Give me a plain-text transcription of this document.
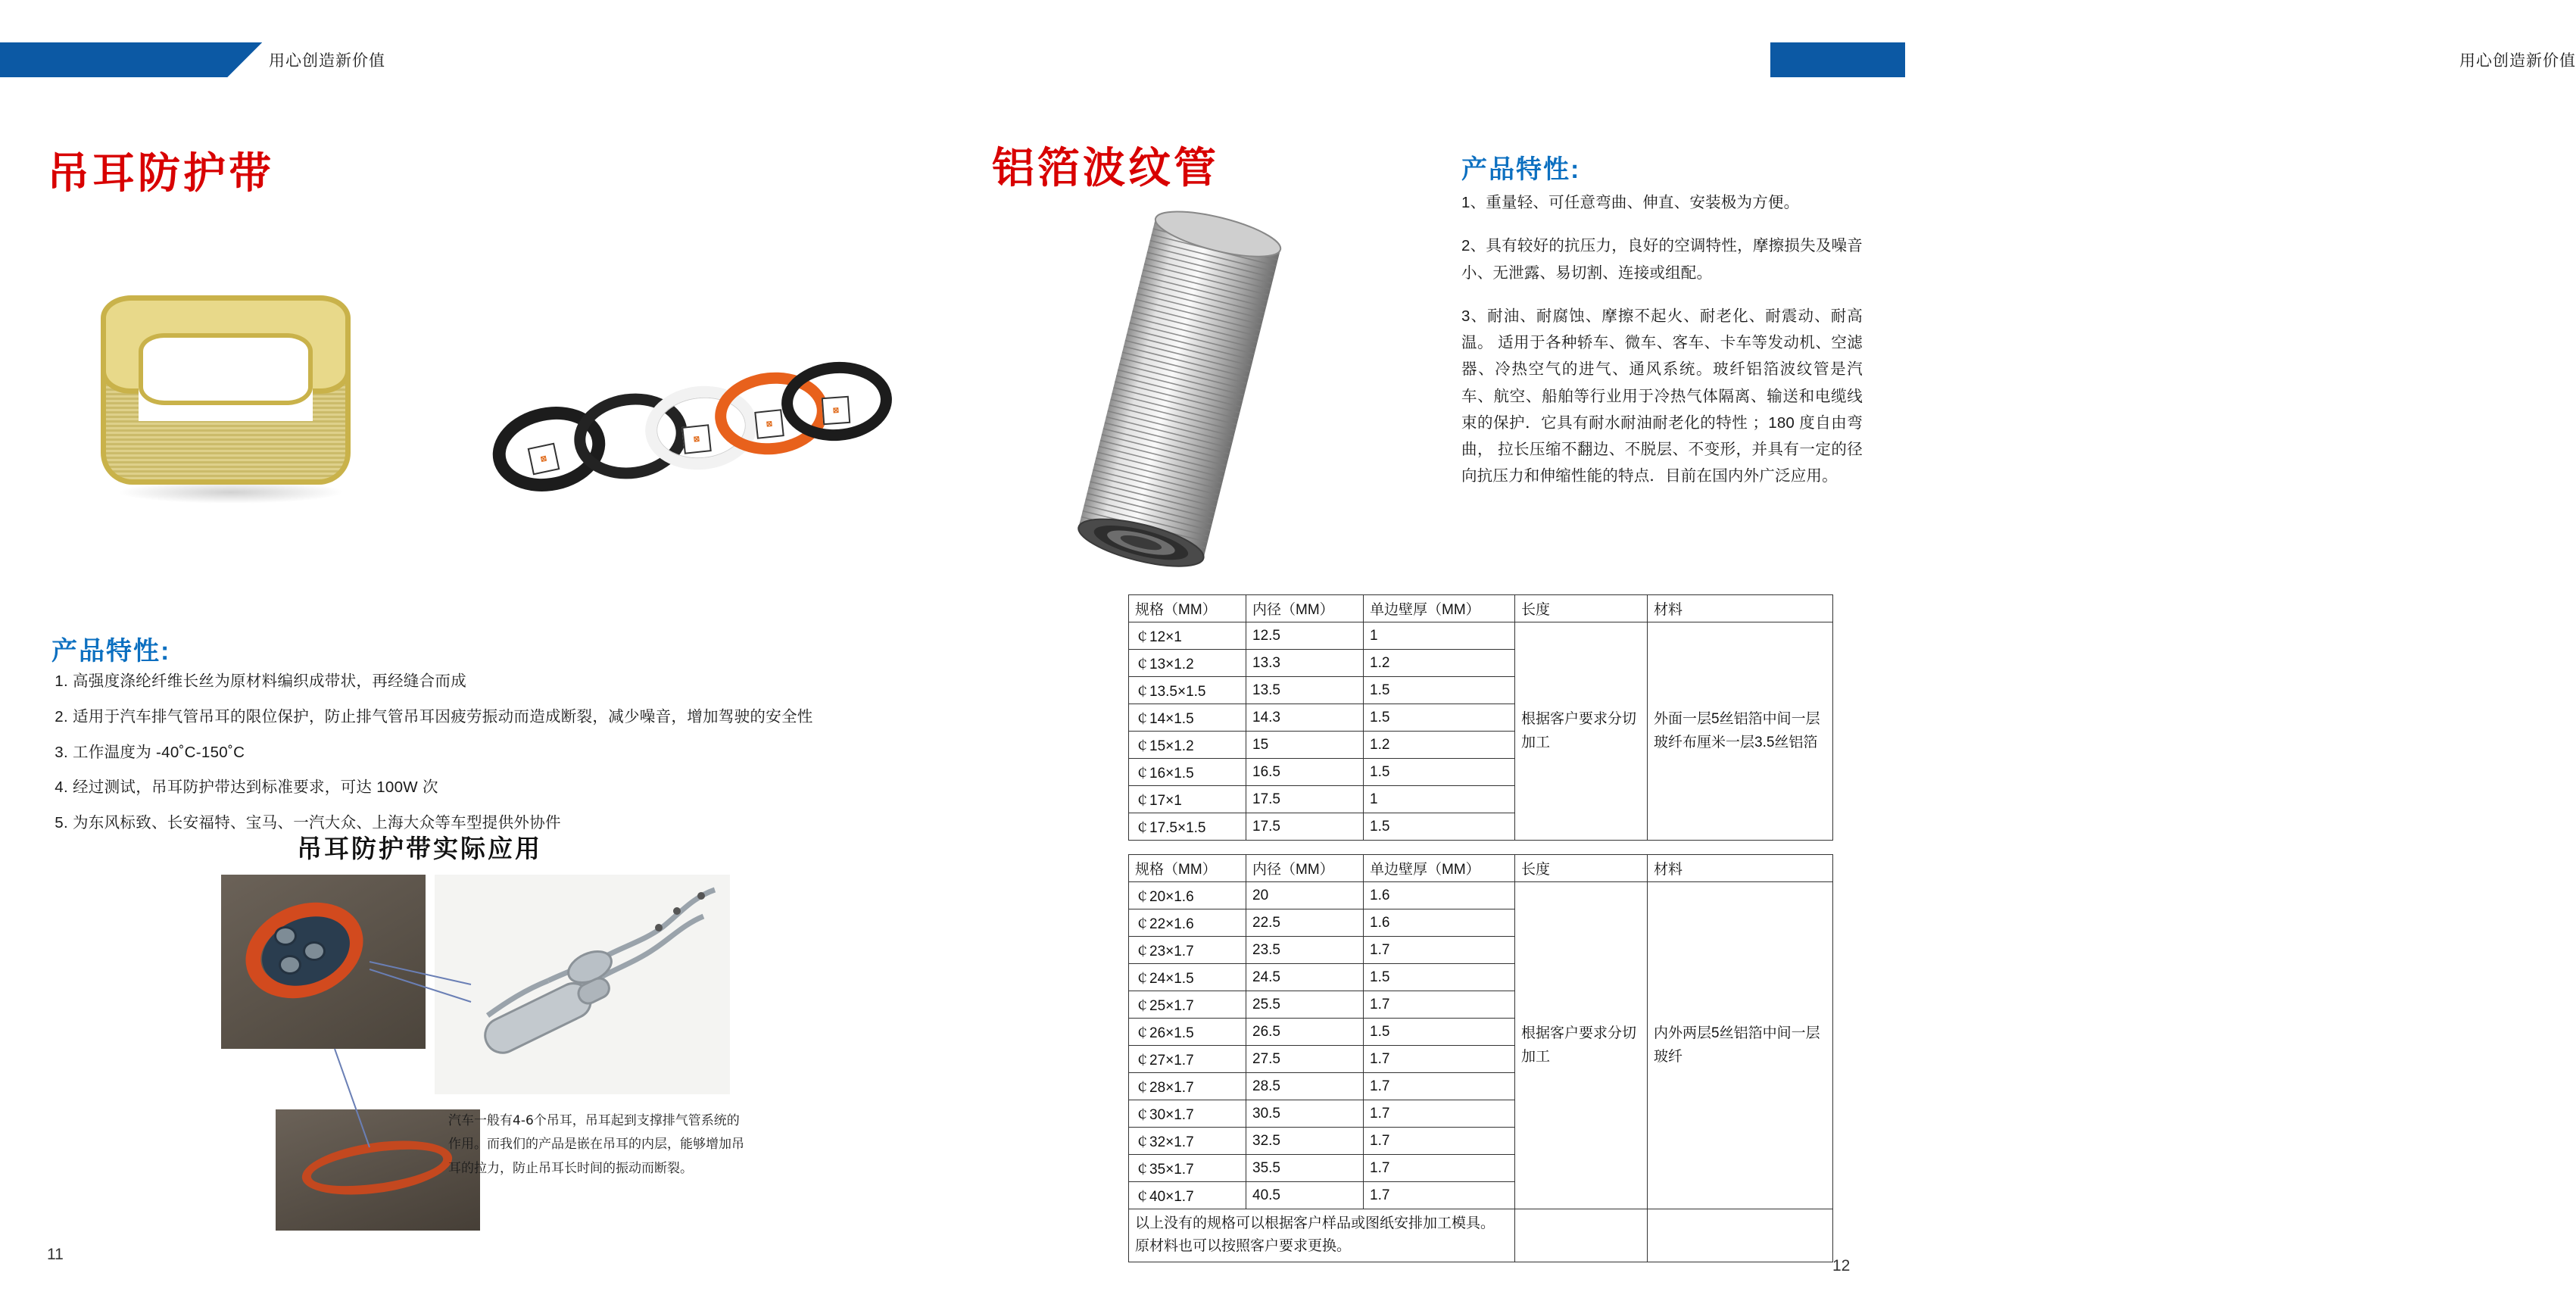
用心创造新价值	用心创造新价值
吊耳防护带
⊠
⊠
⊠
⊠
产品特性:
1. 高强度涤纶纤维长丝为原材料编织成带状，再经缝合而成
2. 适用于汽车排气管吊耳的限位保护，防止排气管吊耳因疲劳振动而造成断裂，减少噪音，增加驾驶的安全性
3. 工作温度为 -40˚C-150˚C
4. 经过测试，吊耳防护带达到标准要求，可达 100W 次
5. 为东风标致、长安福特、宝马、一汽大众、上海大众等车型提供外协件
吊耳防护带实际应用
汽车一般有4-6个吊耳，吊耳起到支撑排气管系统的作用。而我们的产品是嵌在吊耳的内层，能够增加吊耳的拉力，防止吊耳长时间的振动而断裂。
11
铝箔波纹管	产品特性:

1、重量轻、可任意弯曲、伸直、安装极为方便。

2、具有较好的抗压力，良好的空调特性，摩擦损失及噪音小、无泄露、易切割、连接或组配。

3、耐油、耐腐蚀、摩擦不起火、耐老化、耐震动、耐高温。 适用于各种轿车、微车、客车、卡车等发动机、空滤器、冷热空气的进气、通风系统。玻纤铝箔波纹管是汽车、航空、船舶等行业用于冷热气体隔离、输送和电缆线束的保护．它具有耐水耐油耐老化的特性 ；180 度自由弯曲， 拉长压缩不翻边、不脱层、不变形，并具有一定的径向抗压力和伸缩性能的特点．目前在国内外广泛应用。

规格（MM）	内径（MM）	单边壁厚（MM）	长度	材料
￠12×1	12.5	1	根据客户要求分切加工	外面一层5丝铝箔中间一层玻纤布厘米一层3.5丝铝箔
￠13×1.2	13.3	1.2		
￠13.5×1.5	13.5	1.5		
￠14×1.5	14.3	1.5		
￠15×1.2	15	1.2		
￠16×1.5	16.5	1.5		
￠17×1	17.5	1		
￠17.5×1.5	17.5	1.5		
规格（MM）	内径（MM）	单边壁厚（MM）	长度	材料
￠20×1.6	20	1.6	根据客户要求分切加工	内外两层5丝铝箔中间一层玻纤
￠22×1.6	22.5	1.6		
￠23×1.7	23.5	1.7		
￠24×1.5	24.5	1.5		
￠25×1.7	25.5	1.7		
￠26×1.5	26.5	1.5		
￠27×1.7	27.5	1.7		
￠28×1.7	28.5	1.7		
￠30×1.7	30.5	1.7		
￠32×1.7	32.5	1.7		
￠35×1.7	35.5	1.7		
￠40×1.7	40.5	1.7		
以上没有的规格可以根据客户样品或图纸安排加工模具。原材料也可以按照客户要求更换。				
12
